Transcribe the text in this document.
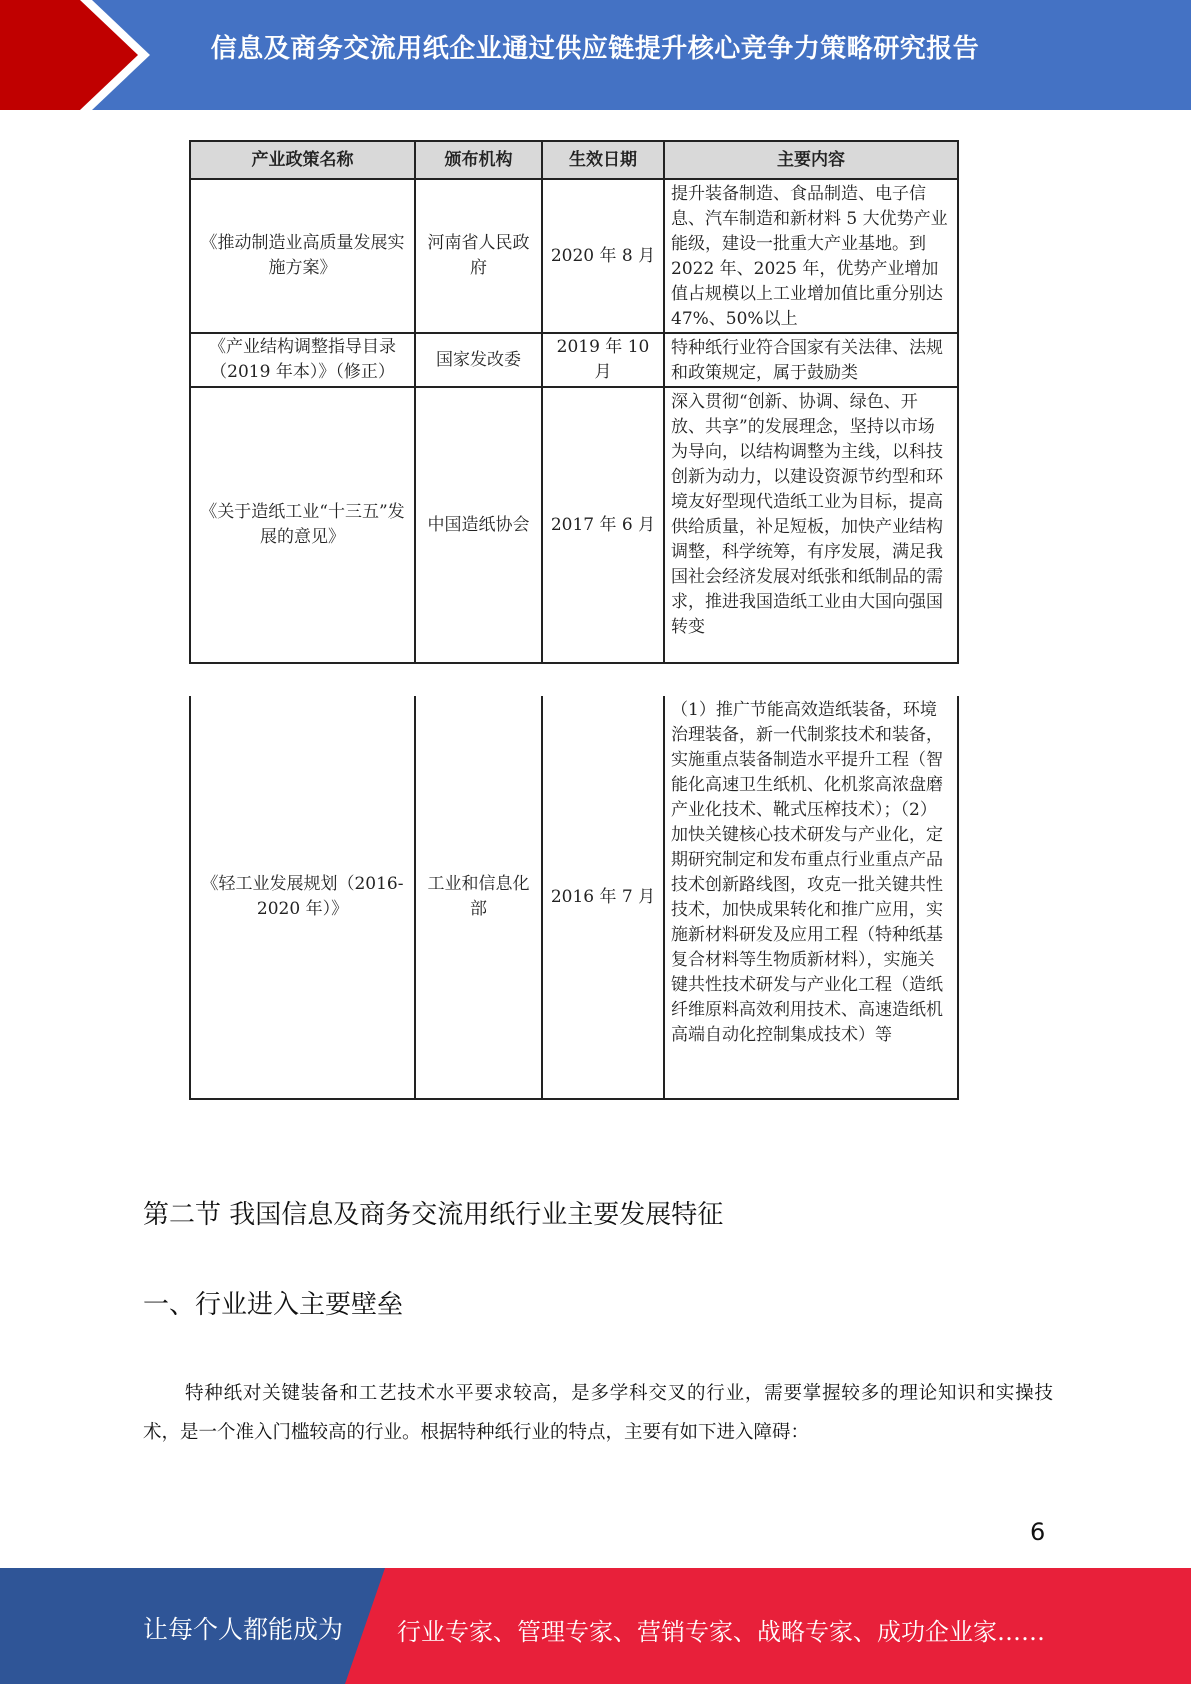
信息及商务交流用纸企业通过供应链提升核心竞争力策略研究报告
产业政策名称	颁布机构	生效日期	主要内容
《推动制造业高质量发展实施方案》	河南省人民政府	2020 年 8 月	提升装备制造、食品制造、电子信息、汽车制造和新材料 5 大优势产业能级，建设一批重大产业基地。到 2022 年、2025 年，优势产业增加值占规模以上工业增加值比重分别达 47%、50%以上
《产业结构调整指导目录（2019 年本）》（修正）	国家发改委	2019 年 10 月	特种纸行业符合国家有关法律、法规和政策规定，属于鼓励类
《关于造纸工业“十三五”发展的意见》	中国造纸协会	2017 年 6 月	深入贯彻“创新、协调、绿色、开放、共享”的发展理念，坚持以市场为导向，以结构调整为主线，以科技创新为动力，以建设资源节约型和环境友好型现代造纸工业为目标，提高供给质量，补足短板，加快产业结构调整，科学统筹，有序发展，满足我国社会经济发展对纸张和纸制品的需求，推进我国造纸工业由大国向强国转变
《轻工业发展规划（2016-2020 年）》	工业和信息化部	2016 年 7 月	（1）推广节能高效造纸装备，环境治理装备，新一代制浆技术和装备，实施重点装备制造水平提升工程（智能化高速卫生纸机、化机浆高浓盘磨产业化技术、靴式压榨技术）；（2）加快关键核心技术研发与产业化，定期研究制定和发布重点行业重点产品技术创新路线图，攻克一批关键共性技术，加快成果转化和推广应用，实施新材料研发及应用工程（特种纸基复合材料等生物质新材料），实施关键共性技术研发与产业化工程（造纸纤维原料高效利用技术、高速造纸机高端自动化控制集成技术）等
第二节 我国信息及商务交流用纸行业主要发展特征
一、行业进入主要壁垒

特种纸对关键装备和工艺技术水平要求较高，是多学科交叉的行业，需要掌握较多的理论知识和实操技术，是一个准入门槛较高的行业。根据特种纸行业的特点，主要有如下进入障碍：

6
让每个人都能成为 行业专家、管理专家、营销专家、战略专家、成功企业家……
